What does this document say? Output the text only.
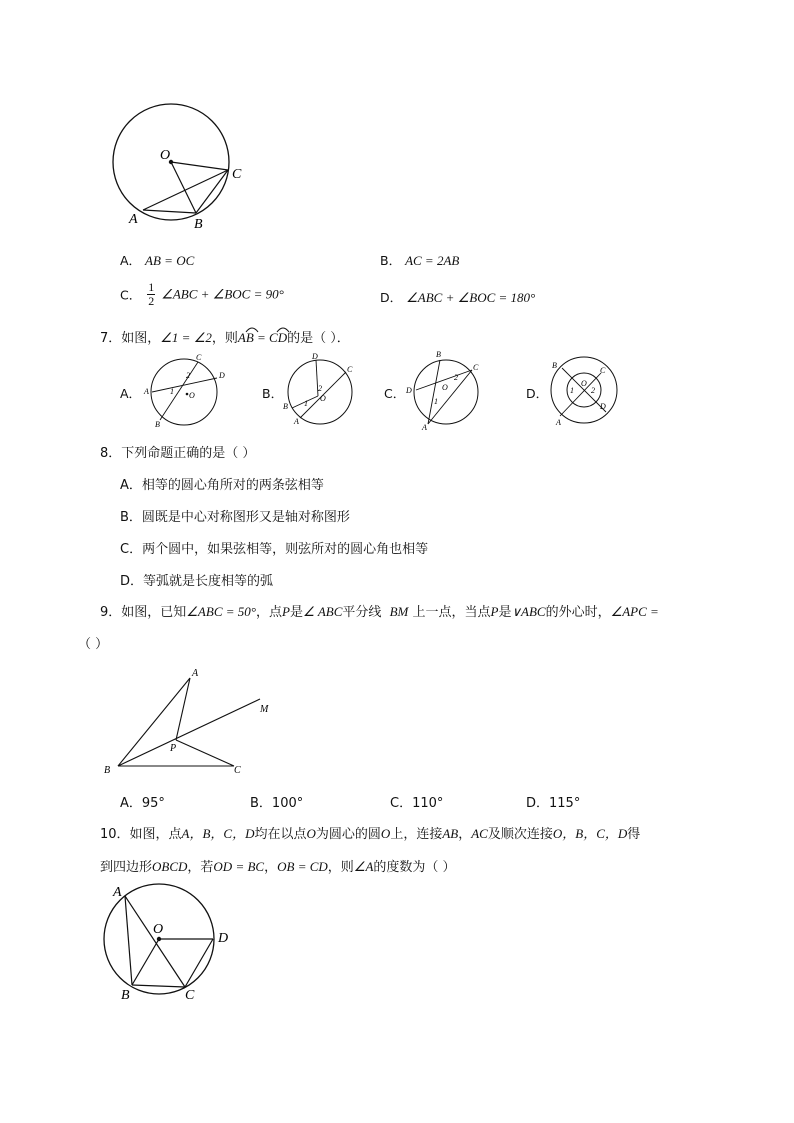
O
C
A	B
A． AB = OC	B． AC = 2AB
C． $\frac{1}{2}$ ∠ABC + ∠BOC = 90°	D． ∠ABC + ∠BOC = 180°
7．如图，∠1 = ∠2，则AB = CD的是（ ）．
A．
C
D
A
B
O
1
2
B．
D
C
B
A
O
1
2	C．
B
C
D
A
O
1
2
D．
B
C
A
D
O
1 2
8．下列命题正确的是（ ）
A．相等的圆心角所对的两条弦相等
B．圆既是中心对称图形又是轴对称图形
C．两个圆中，如果弦相等，则弦所对的圆心角也相等
D．等弧就是长度相等的弧
9．如图，已知∠ABC = 50°，点P是∠ ABC平分线 BM 上一点，当点P是∨ABC的外心时，∠APC =
（ ）
A
M
P
B	C
A．95°	B．100°	C．110°	D．115°
10．如图，点A，B，C，D均在以点O为圆心的圆O上，连接AB，AC及顺次连接O，B，C，D得
到四边形OBCD，若OD = BC，OB = CD，则∠A的度数为（ ）
A
O
D
B	C
